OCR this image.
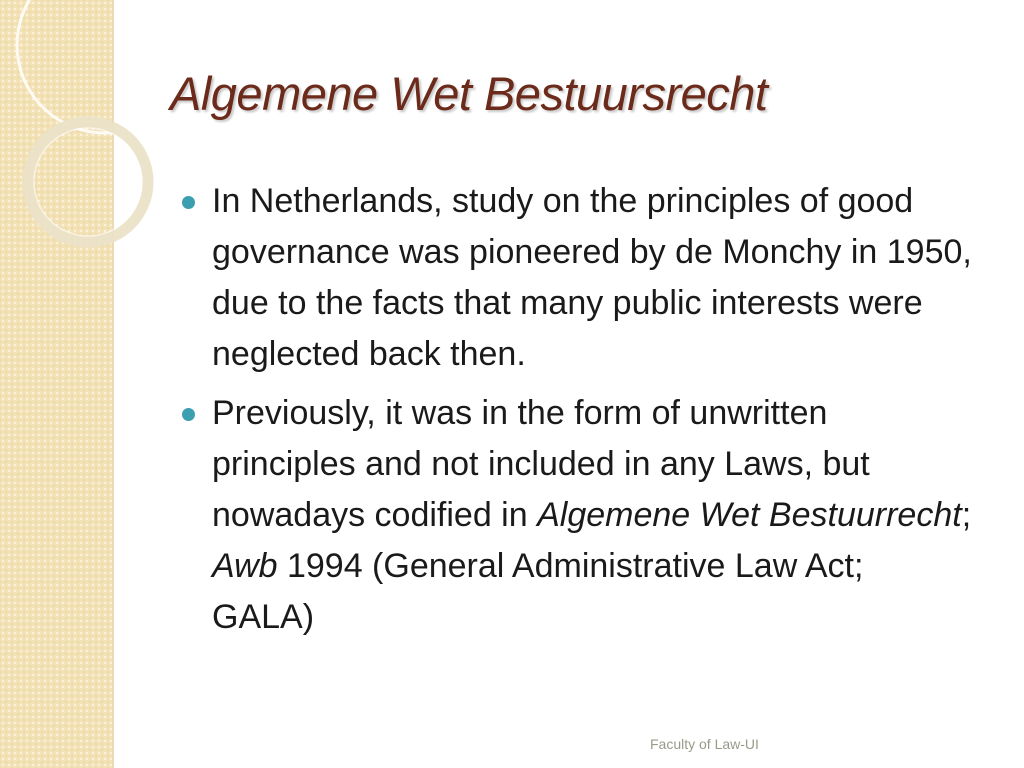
Algemene Wet Bestuursrecht
In Netherlands, study on the principles of good governance was pioneered by de Monchy in 1950, due to the facts that many public interests were neglected back then.
Previously, it was in the form of unwritten principles and not included in any Laws, but nowadays codified in Algemene Wet Bestuurrecht; Awb 1994 (General Administrative Law Act; GALA)
Faculty of Law-UI
